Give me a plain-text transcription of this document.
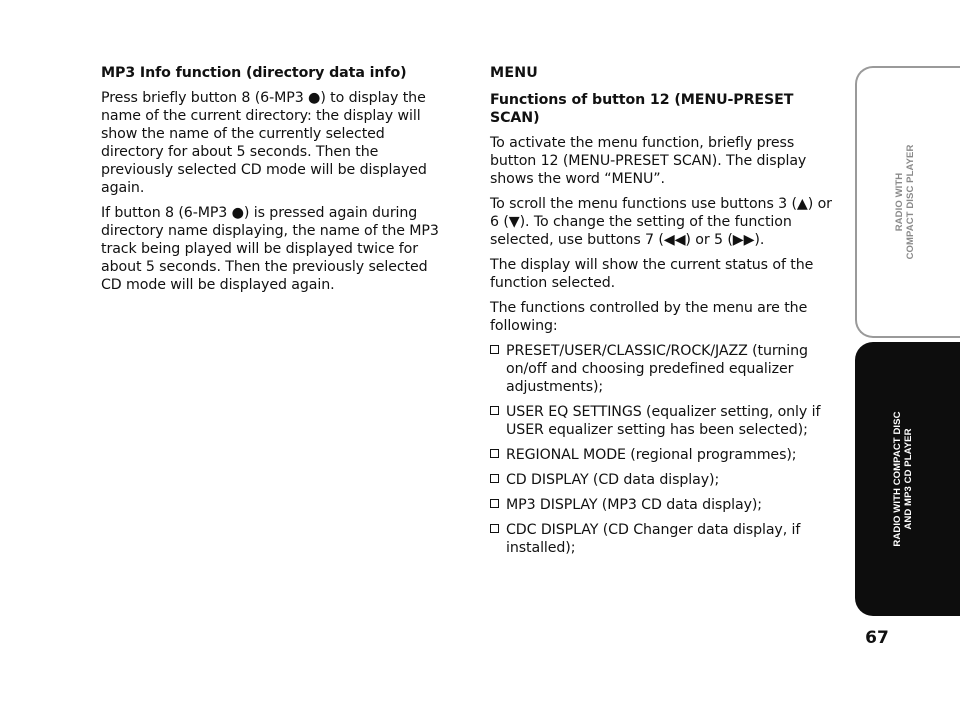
MP3 Info function (directory data info)

Press briefly button 8 (6-MP3 ●) to display the name of the current directory: the display will show the name of the currently selected directory for about 5 seconds. Then the previously selected CD mode will be displayed again.

If button 8 (6-MP3 ●) is pressed again during directory name displaying, the name of the MP3 track being played will be displayed twice for about 5 seconds. Then the previously selected CD mode will be displayed again.

MENU

Functions of button 12 (MENU-PRESET SCAN)

To activate the menu function, briefly press button 12 (MENU-PRESET SCAN). The display shows the word “MENU”.

To scroll the menu functions use buttons 3 (▲) or 6 (▼). To change the setting of the function selected, use buttons 7 (◀◀) or 5 (▶▶).

The display will show the current status of the function selected.

The functions controlled by the menu are the following:

PRESET/USER/CLASSIC/ROCK/JAZZ (turning on/off and choosing predefined equalizer adjustments);
USER EQ SETTINGS (equalizer setting, only if USER equalizer setting has been selected);
REGIONAL MODE (regional programmes);
CD DISPLAY (CD data display);
MP3 DISPLAY (MP3 CD data display);
CDC DISPLAY (CD Changer data display, if installed);
RADIO WITH COMPACT DISC PLAYER
RADIO WITH COMPACT DISC AND MP3 CD PLAYER
67
